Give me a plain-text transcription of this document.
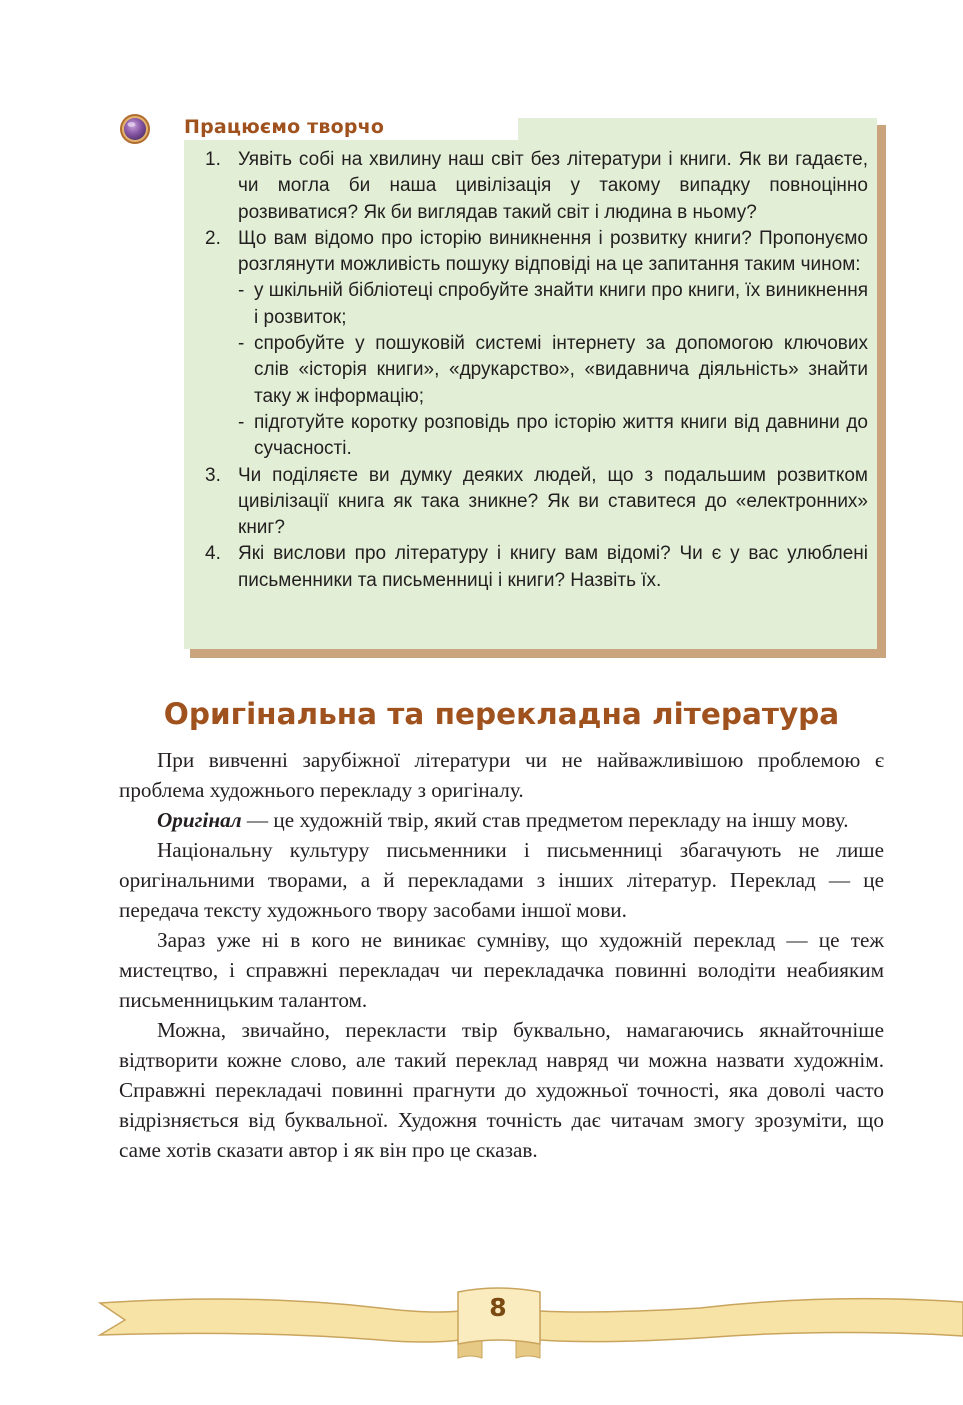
Працюємо творчо
1. Уявіть собі на хвилину наш світ без літератури і книги. Як ви гадаєте, чи могла би наша цивілізація у такому випадку повноцінно розвиватися? Як би виглядав такий світ і людина в ньому?
2. Що вам відомо про історію виникнення і розвитку книги? Пропонуємо розглянути можливість пошуку відповіді на це запитання таким чином:
- у шкільній бібліотеці спробуйте знайти книги про книги, їх виникнення і розвиток;
- спробуйте у пошуковій системі інтернету за допомогою ключових слів «історія книги», «друкарство», «видавнича діяльність» знайти таку ж інформацію;
- підготуйте коротку розповідь про історію життя книги від давнини до сучасності.
3. Чи поділяєте ви думку деяких людей, що з подальшим розвитком цивілізації книга як така зникне? Як ви ставитеся до «електронних» книг?
4. Які вислови про літературу і книгу вам відомі? Чи є у вас улюблені письменники та письменниці і книги? Назвіть їх.
Оригінальна та перекладна література

При вивченні зарубіжної літератури чи не найважливішою проблемою є проблема художнього перекладу з оригіналу.

Оригінал — це художній твір, який став предметом перекладу на іншу мову.

Національну культуру письменники і письменниці збагачують не лише оригінальними творами, а й перекладами з інших літератур. Переклад — це передача тексту художнього твору засобами іншої мови.

Зараз уже ні в кого не виникає сумніву, що художній переклад — це теж мистецтво, і справжні перекладач чи перекладачка повинні володіти неабияким письменницьким талантом.

Можна, звичайно, перекласти твір буквально, намагаючись якнайточніше відтворити кожне слово, але такий переклад навряд чи можна назвати художнім. Справжні перекладачі повинні прагнути до художньої точності, яка доволі часто відрізняється від буквальної. Художня точність дає читачам змогу зрозуміти, що саме хотів сказати автор і як він про це сказав.

8
